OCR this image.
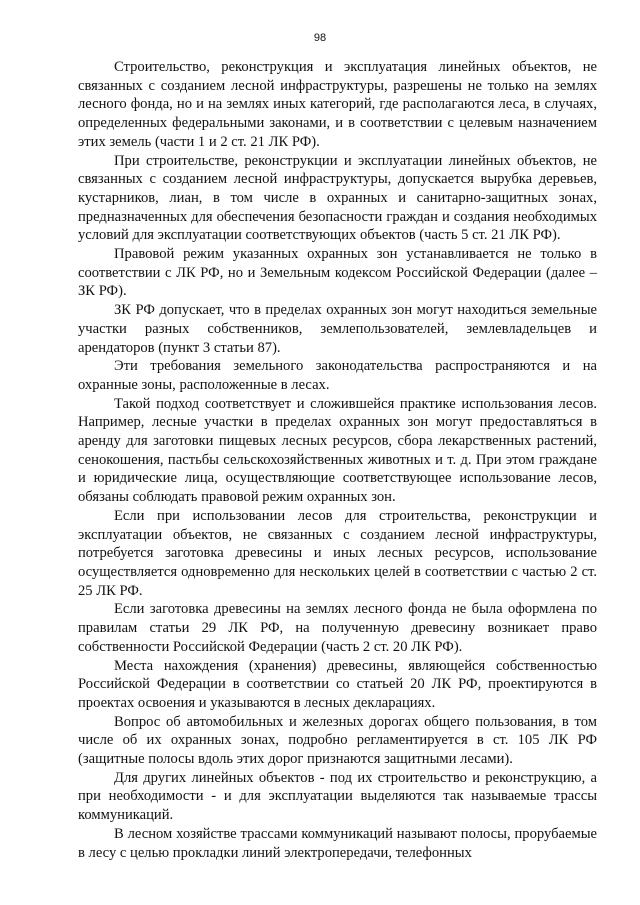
98

Строительство, реконструкция и эксплуатация линейных объектов, не связанных с созданием лесной инфраструктуры, разрешены не только на землях лесного фонда, но и на землях иных категорий, где располагаются леса, в случаях, определенных федеральными законами, и в соответствии с целевым назначением этих земель (части 1 и 2 ст. 21 ЛК РФ).

При строительстве, реконструкции и эксплуатации линейных объектов, не связанных с созданием лесной инфраструктуры, допускается вырубка деревьев, кустарников, лиан, в том числе в охранных и санитарно-защитных зонах, предназначенных для обеспечения безопасности граждан и создания необходимых условий для эксплуатации соответствующих объектов (часть 5 ст. 21 ЛК РФ).

Правовой режим указанных охранных зон устанавливается не только в соответствии с ЛК РФ, но и Земельным кодексом Российской Федерации (далее – ЗК РФ).

ЗК РФ допускает, что в пределах охранных зон могут находиться земельные участки разных собственников, землепользователей, землевладельцев и арендаторов (пункт 3 статьи 87).

Эти требования земельного законодательства распространяются и на охранные зоны, расположенные в лесах.

Такой подход соответствует и сложившейся практике использования лесов. Например, лесные участки в пределах охранных зон могут предоставляться в аренду для заготовки пищевых лесных ресурсов, сбора лекарственных растений, сенокошения, пастьбы сельскохозяйственных животных и т. д. При этом граждане и юридические лица, осуществляющие соответствующее использование лесов, обязаны соблюдать правовой режим охранных зон.

Если при использовании лесов для строительства, реконструкции и эксплуатации объектов, не связанных с созданием лесной инфраструктуры, потребуется заготовка древесины и иных лесных ресурсов, использование осуществляется одновременно для нескольких целей в соответствии с частью 2 ст. 25 ЛК РФ.

Если заготовка древесины на землях лесного фонда не была оформлена по правилам статьи 29 ЛК РФ, на полученную древесину возникает право собственности Российской Федерации (часть 2 ст. 20 ЛК РФ).

Места нахождения (хранения) древесины, являющейся собственностью Российской Федерации в соответствии со статьей 20 ЛК РФ, проектируются в проектах освоения и указываются в лесных декларациях.

Вопрос об автомобильных и железных дорогах общего пользования, в том числе об их охранных зонах, подробно регламентируется в ст. 105 ЛК РФ (защитные полосы вдоль этих дорог признаются защитными лесами).

Для других линейных объектов - под их строительство и реконструкцию, а при необходимости - и для эксплуатации выделяются так называемые трассы коммуникаций.

В лесном хозяйстве трассами коммуникаций называют полосы, прорубаемые в лесу с целью прокладки линий электропередачи, телефонных
